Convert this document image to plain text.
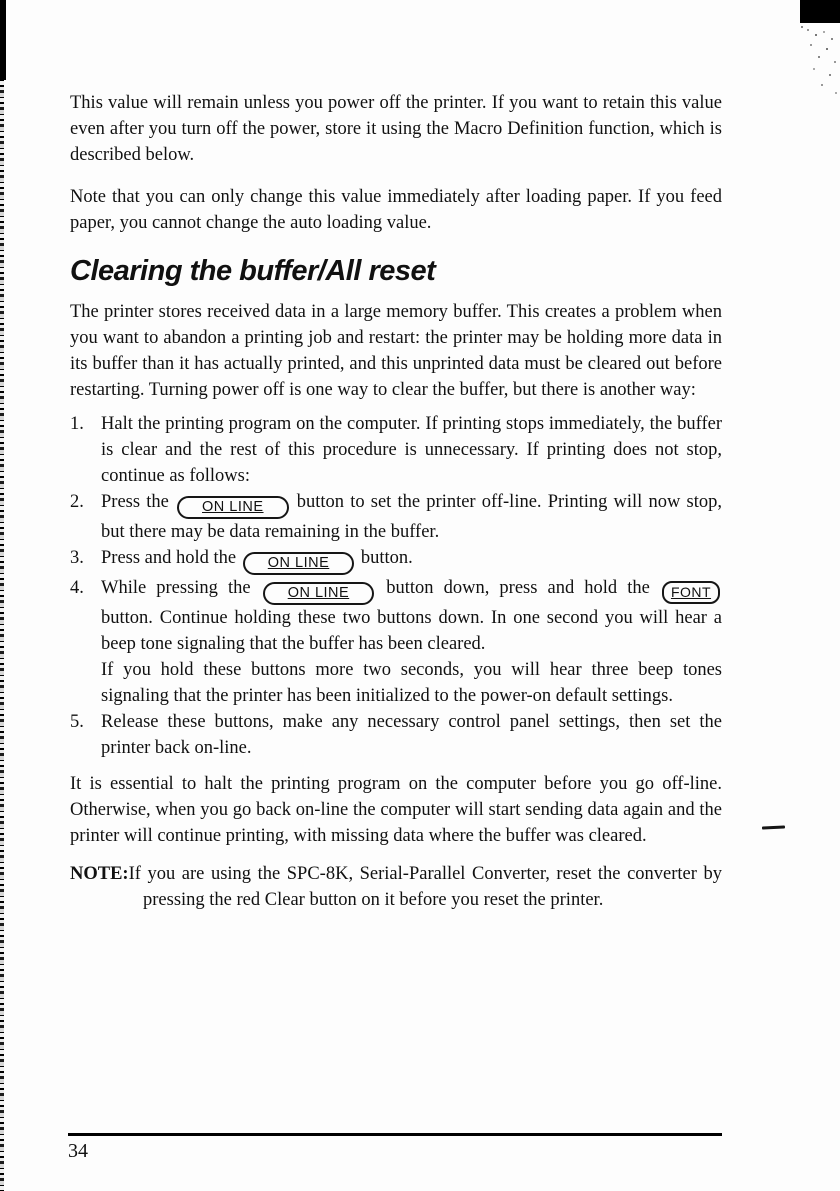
This value will remain unless you power off the printer. If you want to retain this value even after you turn off the power, store it using the Macro Definition function, which is described below.

Note that you can only change this value immediately after loading paper. If you feed paper, you cannot change the auto loading value.

Clearing the buffer/All reset

The printer stores received data in a large memory buffer. This creates a problem when you want to abandon a printing job and restart: the printer may be holding more data in its buffer than it has actually printed, and this unprinted data must be cleared out before restarting. Turning power off is one way to clear the buffer, but there is another way:

1. Halt the printing program on the computer. If printing stops immediately, the buffer is clear and the rest of this procedure is unnecessary. If printing does not stop, continue as follows:

2. Press the ON LINE button to set the printer off-line. Printing will now stop, but there may be data remaining in the buffer.

3. Press and hold the ON LINE button.

4. While pressing the	ON LINE button down, press and hold the FONT button. Continue holding these two buttons down. In one second you will hear a beep tone signaling that the buffer has been cleared.

If you hold these buttons more two seconds, you will hear three beep tones signaling that the printer has been initialized to the power-on default settings.

5. Release these buttons, make any necessary control panel settings, then set the printer back on-line.

It is essential to halt the printing program on the computer before you go off-line. Otherwise, when you go back on-line the computer will start sending data again and the printer will continue printing, with missing data where the buffer was cleared.

NOTE:If you are using the SPC-8K, Serial-Parallel Converter, reset the converter by pressing the red Clear button on it before you reset the printer.

34
